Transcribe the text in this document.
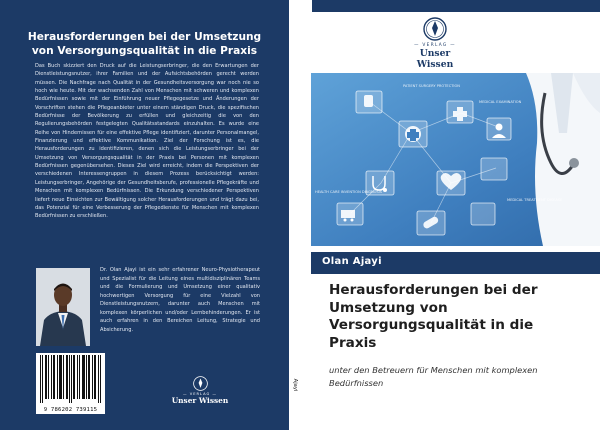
Herausforderungen bei der Umsetzung
von Versorgungsqualität in die Praxis
Das Buch skizziert den Druck auf die Leistungserbringer, die den Erwartungen der Dienstleistungsnutzer, ihrer Familien und der Aufsichtsbehörden gerecht werden müssen. Die Nachfrage nach Qualität in der Gesundheitsversorgung war noch nie so hoch wie heute. Mit der wachsenden Zahl von Menschen mit schweren und komplexen Bedürfnissen sowie mit der Einführung neuer Pflegegesetze und Änderungen der Vorschriften stehen die Pflegeanbieter unter einem ständigen Druck, die spezifischen Bedürfnisse der Bevölkerung zu erfüllen und gleichzeitig die von den Regulierungsbehörden festgelegten Qualitätsstandards einzuhalten. Es wurde eine Reihe von Hindernissen für eine effektive Pflege identifiziert, darunter Personalmangel, Finanzierung und effektive Kommunikation. Ziel der Forschung ist es, die Herausforderungen zu identifizieren, denen sich die Leistungserbringer bei der Umsetzung von Versorgungsqualität in der Praxis bei Personen mit komplexen Bedürfnissen gegenübersehen. Dieses Ziel wird erreicht, indem die Perspektiven der verschiedenen Interessengruppen in diesem Prozess berücksichtigt werden: Leistungserbringer, Angehörige der Gesundheitsberufe, professionelle Pflegekräfte und Menschen mit komplexen Bedürfnissen. Die Erkundung verschiedener Perspektiven liefert neue Einsichten zur Bewältigung solcher Herausforderungen und trägt dazu bei, das Potenzial für eine Verbesserung der Pflegedienste für Menschen mit komplexen Bedürfnissen zu erschließen.
Dr. Olan Ajayi ist ein sehr erfahrener Neuro-Physiotherapeut und Spezialist für die Leitung eines multidisziplinären Teams und die Formulierung und Umsetzung einer qualitativ hochwertigen Versorgung für eine Vielzahl von Dienstleistungsnutzern, darunter auch Menschen mit komplexen körperlichen und/oder Lernbehinderungen. Er ist auch erfahren in den Bereichen Leitung, Strategie und Absicherung.
9 786202 739115
— VERLAG —
Unser Wissen
Ajayi
— VERLAG —
Unser Wissen
PATIENT SURGERY PROTECTION
MEDICAL EXAMINATION
HEALTH CARE INVENTION DIAGNOSIS
MEDICAL TREATMENT DISEASE
Olan Ajayi
Herausforderungen bei der
Umsetzung von
Versorgungsqualität in die
Praxis
unter den Betreuern für Menschen mit komplexen
Bedürfnissen
